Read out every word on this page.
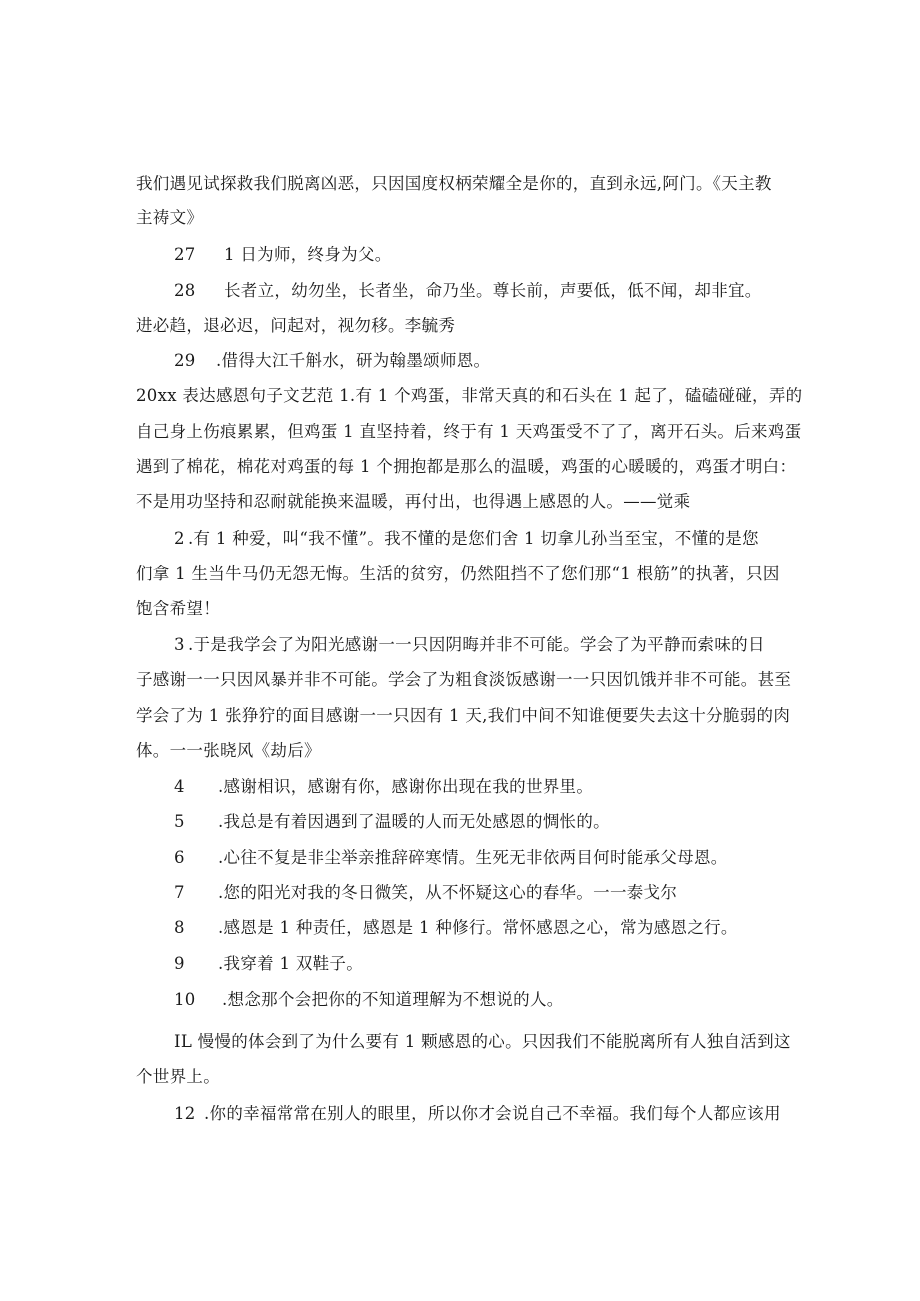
我们遇见试探救我们脱离凶恶，只因国度权柄荣耀全是你的，直到永远,阿门。《天主教
主祷文》
27 1 日为师，终身为父。
28 长者立，幼勿坐，长者坐，命乃坐。尊长前，声要低，低不闻，却非宜。
进必趋，退必迟，问起对，视勿移。李毓秀
29 .借得大江千斛水，研为翰墨颂师恩。
20xx 表达感恩句子文艺范 1.有 1 个鸡蛋，非常天真的和石头在 1 起了，磕磕碰碰，弄的
自己身上伤痕累累，但鸡蛋 1 直坚持着，终于有 1 天鸡蛋受不了了，离开石头。后来鸡蛋
遇到了棉花，棉花对鸡蛋的每 1 个拥抱都是那么的温暖，鸡蛋的心暖暖的，鸡蛋才明白：
不是用功坚持和忍耐就能换来温暖，再付出，也得遇上感恩的人。——觉乘
2 .有 1 种爱，叫“我不懂”。我不懂的是您们舍 1 切拿儿孙当至宝，不懂的是您
们拿 1 生当牛马仍无怨无悔。生活的贫穷，仍然阻挡不了您们那“1 根筋”的执著，只因
饱含希望！
3 .于是我学会了为阳光感谢一一只因阴晦并非不可能。学会了为平静而索味的日
子感谢一一只因风暴并非不可能。学会了为粗食淡饭感谢一一只因饥饿并非不可能。甚至
学会了为 1 张狰狞的面目感谢一一只因有 1 天,我们中间不知谁便要失去这十分脆弱的肉
体。一一张晓风《劫后》
4 .感谢相识，感谢有你，感谢你出现在我的世界里。
5 .我总是有着因遇到了温暖的人而无处感恩的惆怅的。
6 .心往不复是非尘举亲推辞碎寒情。生死无非依两目何时能承父母恩。
7 .您的阳光对我的冬日微笑，从不怀疑这心的春华。一一泰戈尔
8 .感恩是 1 种责任，感恩是 1 种修行。常怀感恩之心，常为感恩之行。
9 .我穿着 1 双鞋子。
10 .想念那个会把你的不知道理解为不想说的人。
IL 慢慢的体会到了为什么要有 1 颗感恩的心。只因我们不能脱离所有人独自活到这
个世界上。
12 .你的幸福常常在别人的眼里，所以你才会说自己不幸福。我们每个人都应该用
